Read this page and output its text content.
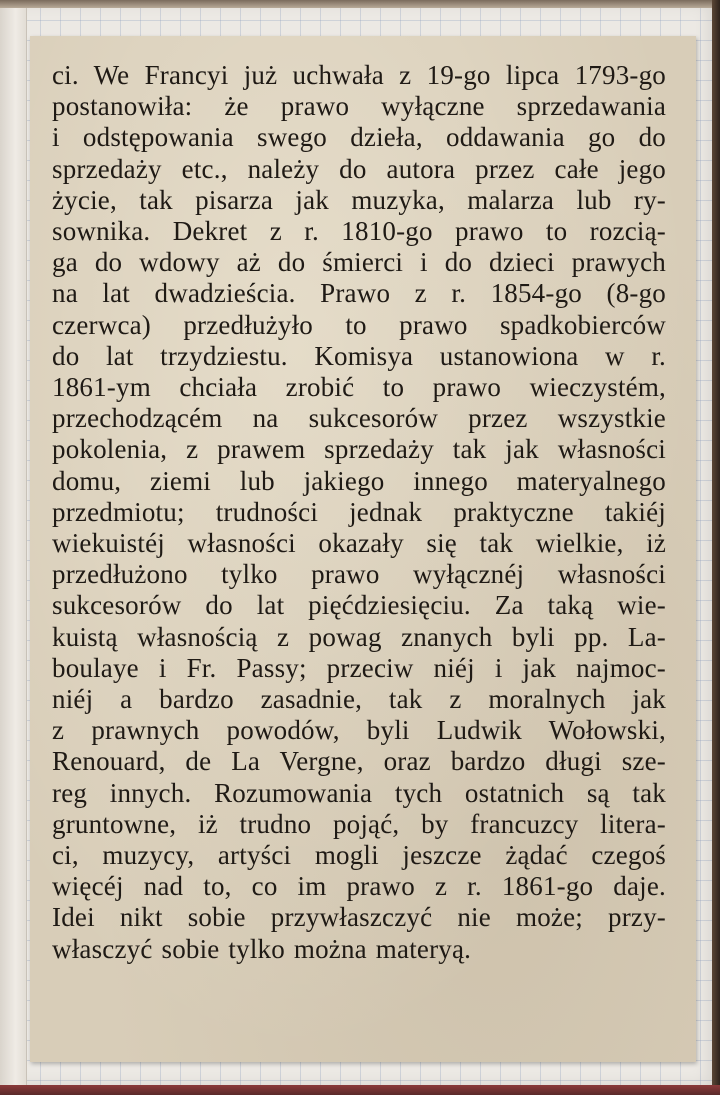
ci. We Francyi już uchwała z 19-go lipca 1793-go
postanowiła: że prawo wyłączne sprzedawania
i odstępowania swego dzieła, oddawania go do
sprzedaży etc., należy do autora przez całe jego
życie, tak pisarza jak muzyka, malarza lub ry-
sownika. Dekret z r. 1810-go prawo to rozcią-
ga do wdowy aż do śmierci i do dzieci prawych
na lat dwadzieścia. Prawo z r. 1854-go (8-go
czerwca) przedłużyło to prawo spadkobierców
do lat trzydziestu. Komisya ustanowiona w r.
1861-ym chciała zrobić to prawo wieczystém,
przechodzącém na sukcesorów przez wszystkie
pokolenia, z prawem sprzedaży tak jak własności
domu, ziemi lub jakiego innego materyalnego
przedmiotu; trudności jednak praktyczne takiéj
wiekuistéj własności okazały się tak wielkie, iż
przedłużono tylko prawo wyłącznéj własności
sukcesorów do lat pięćdziesięciu. Za taką wie-
kuistą własnością z powag znanych byli pp. La-
boulaye i Fr. Passy; przeciw niéj i jak najmoc-
niéj a bardzo zasadnie, tak z moralnych jak
z prawnych powodów, byli Ludwik Wołowski,
Renouard, de La Vergne, oraz bardzo długi sze-
reg innych. Rozumowania tych ostatnich są tak
gruntowne, iż trudno pojąć, by francuzcy litera-
ci, muzycy, artyści mogli jeszcze żądać czegoś
więcéj nad to, co im prawo z r. 1861-go daje.
Idei nikt sobie przywłaszczyć nie może; przy-
własczyć sobie tylko można materyą.
